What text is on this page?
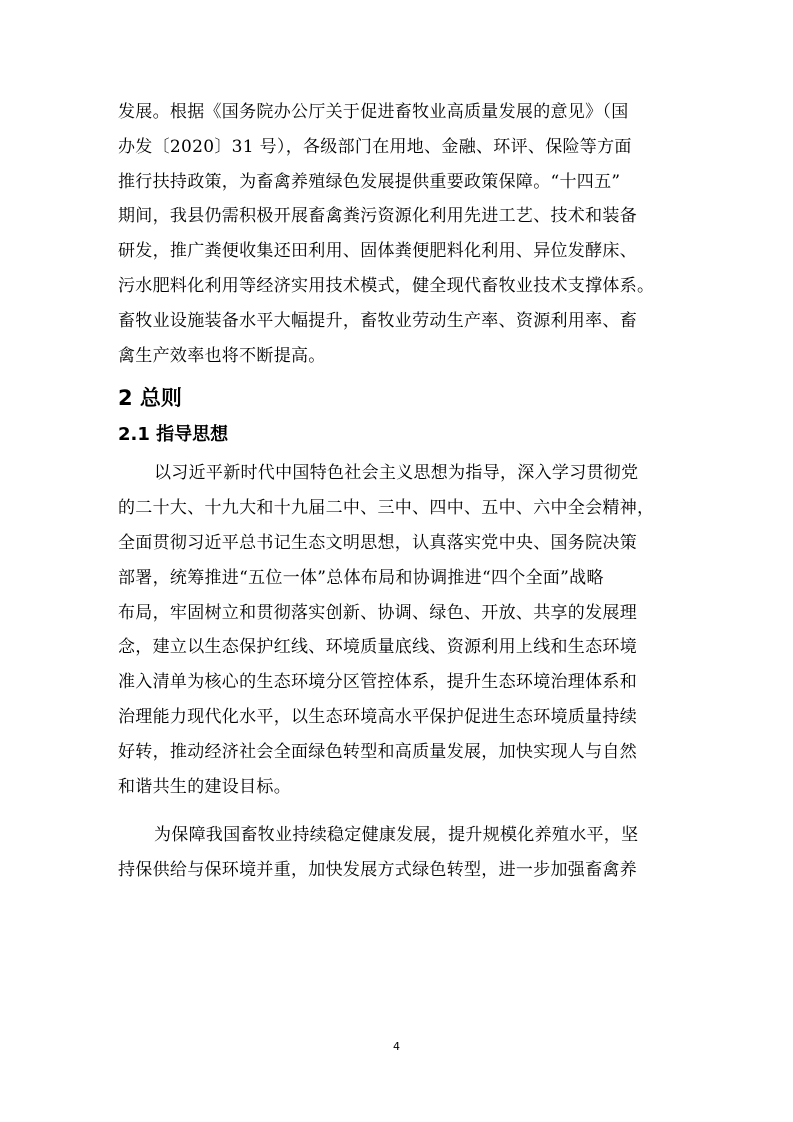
发展。根据《国务院办公厅关于促进畜牧业高质量发展的意见》（国
办发〔2020〕31 号），各级部门在用地、金融、环评、保险等方面
推行扶持政策，为畜禽养殖绿色发展提供重要政策保障。“十四五”
期间，我县仍需积极开展畜禽粪污资源化利用先进工艺、技术和装备
研发，推广粪便收集还田利用、固体粪便肥料化利用、异位发酵床、
污水肥料化利用等经济实用技术模式，健全现代畜牧业技术支撑体系。
畜牧业设施装备水平大幅提升，畜牧业劳动生产率、资源利用率、畜
禽生产效率也将不断提高。
2 总则
2.1 指导思想
以习近平新时代中国特色社会主义思想为指导，深入学习贯彻党
的二十大、十九大和十九届二中、三中、四中、五中、六中全会精神，
全面贯彻习近平总书记生态文明思想，认真落实党中央、国务院决策
部署，统筹推进“五位一体”总体布局和协调推进“四个全面”战略
布局，牢固树立和贯彻落实创新、协调、绿色、开放、共享的发展理
念，建立以生态保护红线、环境质量底线、资源利用上线和生态环境
准入清单为核心的生态环境分区管控体系，提升生态环境治理体系和
治理能力现代化水平，以生态环境高水平保护促进生态环境质量持续
好转，推动经济社会全面绿色转型和高质量发展，加快实现人与自然
和谐共生的建设目标。
为保障我国畜牧业持续稳定健康发展，提升规模化养殖水平，坚
持保供给与保环境并重，加快发展方式绿色转型，进一步加强畜禽养
4
